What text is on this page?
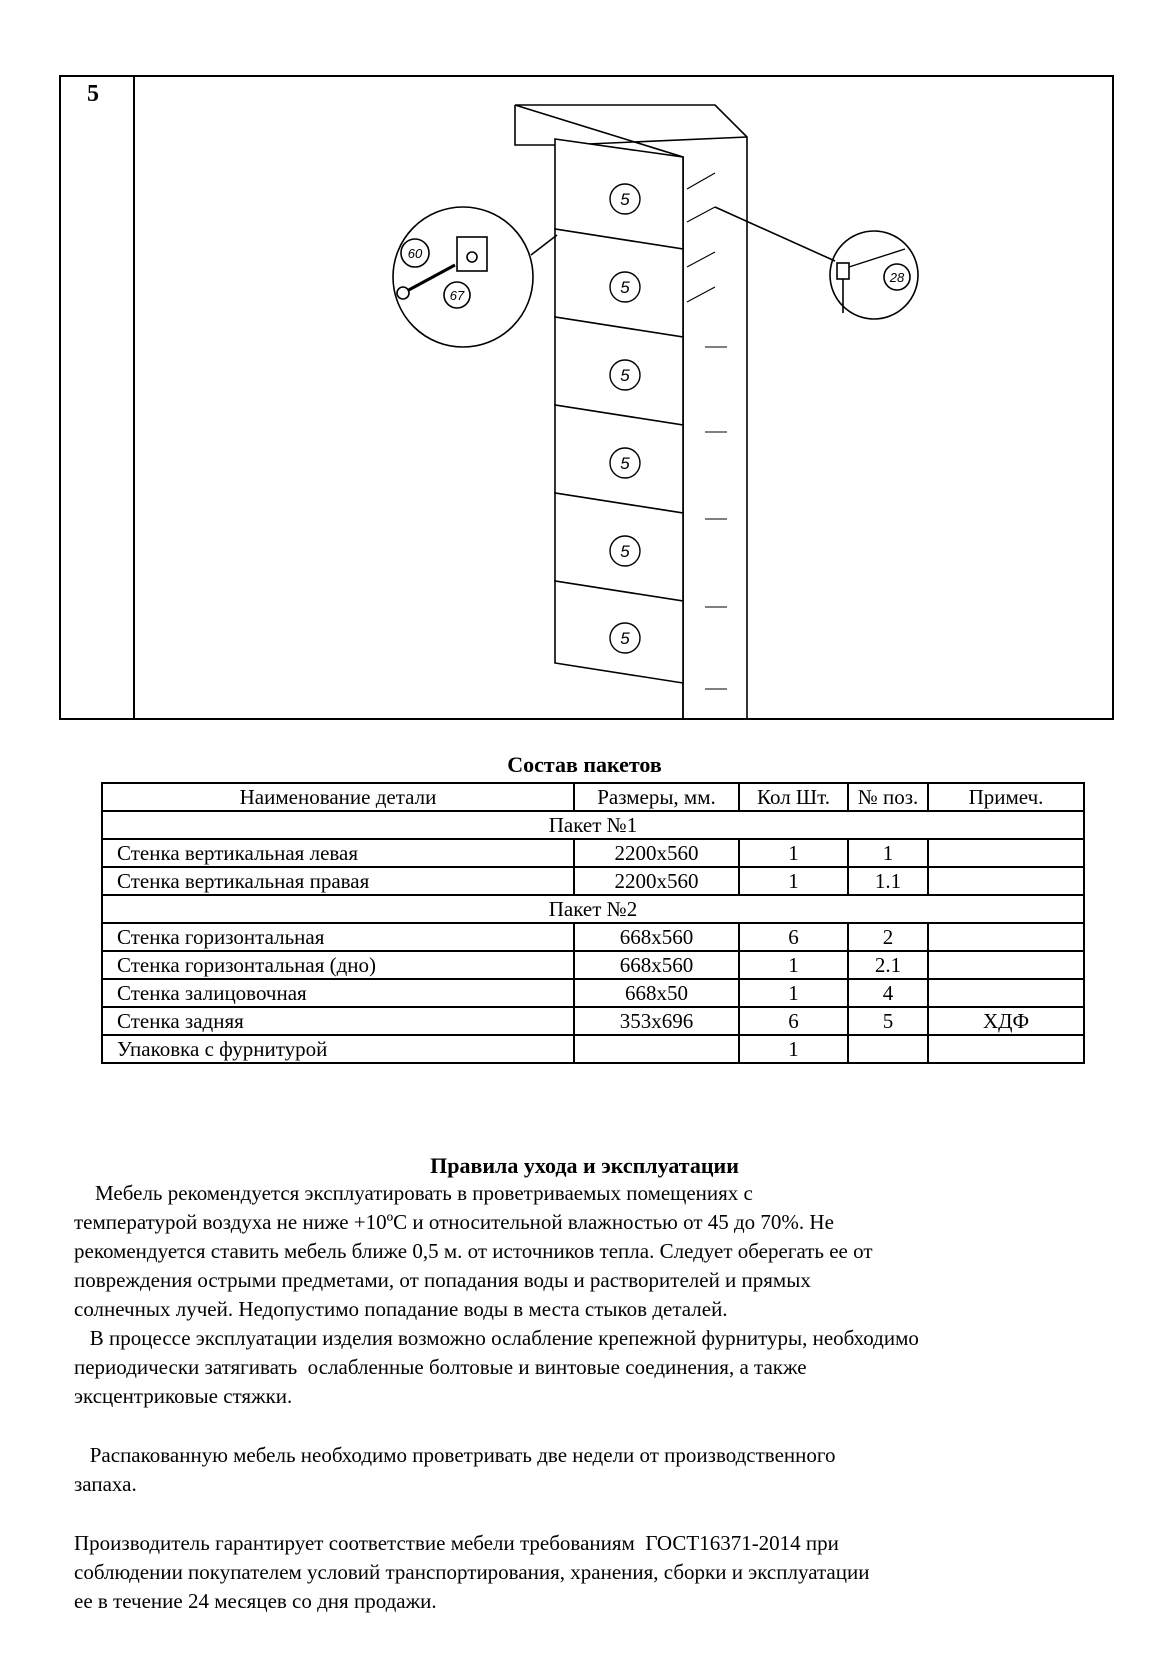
5
5
5
5
5
5
5
60
67
28
Состав пакетов
Наименование детали	Размеры, мм.	Кол Шт.	№ поз.	Примеч.
Пакет №1				
Стенка вертикальная левая	2200х560	1	1	
Стенка вертикальная правая	2200х560	1	1.1	
Пакет №2				
Стенка горизонтальная	668х560	6	2	
Стенка горизонтальная (дно)	668х560	1	2.1	
Стенка залицовочная	668х50	1	4	
Стенка задняя	353х696	6	5	ХДФ
Упаковка с фурнитурой		1		
Правила ухода и эксплуатации
Мебель рекомендуется эксплуатировать в проветриваемых помещениях с
температурой воздуха не ниже +10ºС и относительной влажностью от 45 до 70%. Не
рекомендуется ставить мебель ближе 0,5 м. от источников тепла. Следует оберегать ее от
повреждения острыми предметами, от попадания воды и растворителей и прямых
солнечных лучей. Недопустимо попадание воды в места стыков деталей.
В процессе эксплуатации изделия возможно ослабление крепежной фурнитуры, необходимо
периодически затягивать  ослабленные болтовые и винтовые соединения, а также
эксцентриковые стяжки.
Распакованную мебель необходимо проветривать две недели от производственного
запаха.
Производитель гарантирует соответствие мебели требованиям  ГОСТ16371-2014 при
соблюдении покупателем условий транспортирования, хранения, сборки и эксплуатации
ее в течение 24 месяцев со дня продажи.
